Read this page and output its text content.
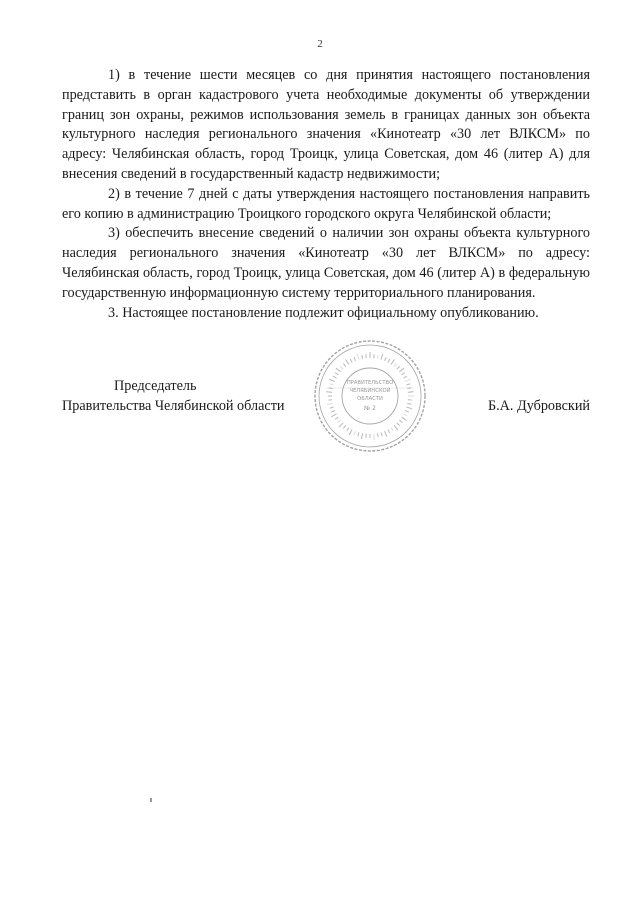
2

1) в течение шести месяцев со дня принятия настоящего постановления представить в орган кадастрового учета необходимые документы об утверждении границ зон охраны, режимов использования земель в границах данных зон объекта культурного наследия регионального значения «Кинотеатр «30 лет ВЛКСМ» по адресу: Челябинская область, город Троицк, улица Советская, дом 46 (литер А) для внесения сведений в государственный кадастр недвижимости;

2) в течение 7 дней с даты утверждения настоящего постановления направить его копию в администрацию Троицкого городского округа Челябинской области;

3) обеспечить внесение сведений о наличии зон охраны объекта культурного наследия регионального значения «Кинотеатр «30 лет ВЛКСМ» по адресу: Челябинская область, город Троицк, улица Советская, дом 46 (литер А) в федеральную государственную информационную систему территориального планирования.

3. Настоящее постановление подлежит официальному опубликованию.

Председатель
Правительства Челябинской области	Б.А. Дубровский
ПРАВИТЕЛЬСТВО
ЧЕЛЯБИНСКОЙ
ОБЛАСТИ
№ 2
